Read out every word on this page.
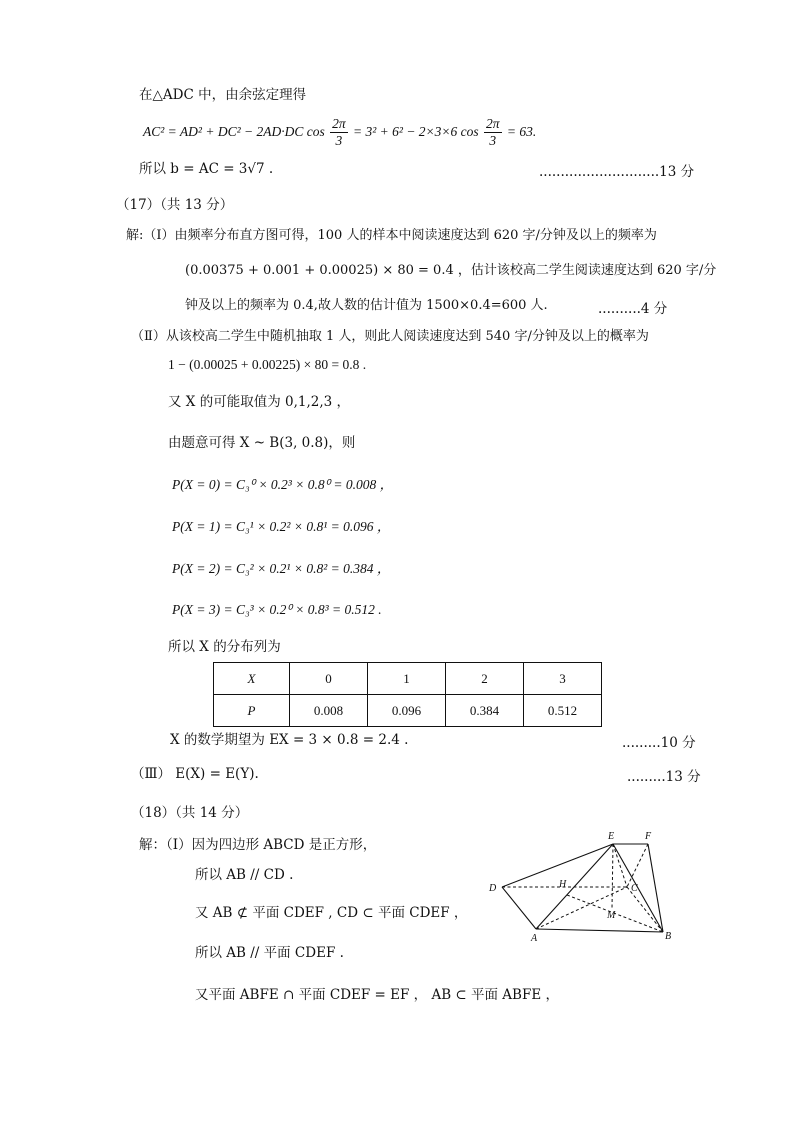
在△ADC 中，由余弦定理得
AC² = AD² + DC² − 2AD·DC $\cos \frac{2\pi}{3} = 3^2 + 6^2 - 2\times 3\times 6$ $\cos \frac{2\pi}{3} = 63$.
所以 b = AC = 3√7 .	............................13 分
（17）（共 13 分）
解:（Ⅰ）由频率分布直方图可得，100 人的样本中阅读速度达到 620 字/分钟及以上的频率为
(0.00375 + 0.001 + 0.00025) × 80 = 0.4 ，估计该校高二学生阅读速度达到 620 字/分
钟及以上的频率为 0.4,故人数的估计值为 1500×0.4=600 人.	..........4 分
（Ⅱ）从该校高二学生中随机抽取 1 人，则此人阅读速度达到 540 字/分钟及以上的概率为
1 − (0.00025 + 0.00225) × 80 = 0.8 .
又 X 的可能取值为 0,1,2,3 ，
由题意可得 X ~ B(3, 0.8)，则
P(X = 0) = C₃⁰ × 0.2³ × 0.8⁰ = 0.008 ，
P(X = 1) = C₃¹ × 0.2² × 0.8¹ = 0.096 ，
P(X = 2) = C₃² × 0.2¹ × 0.8² = 0.384 ，
P(X = 3) = C₃³ × 0.2⁰ × 0.8³ = 0.512 .
所以 X 的分布列为
X	0	1	2	3
P	0.008	0.096	0.384	0.512
X 的数学期望为 EX = 3 × 0.8 = 2.4 .	.........10 分
（Ⅲ） E(X) = E(Y).	.........13 分
（18）（共 14 分）
解：（Ⅰ）因为四边形 ABCD 是正方形，
所以 AB // CD .
又 AB ⊄ 平面 CDEF , CD ⊂ 平面 CDEF ，
所以 AB // 平面 CDEF .
又平面 ABFE ∩ 平面 CDEF = EF ， AB ⊂ 平面 ABFE ，
E	F
D	H	C
M
A	B
